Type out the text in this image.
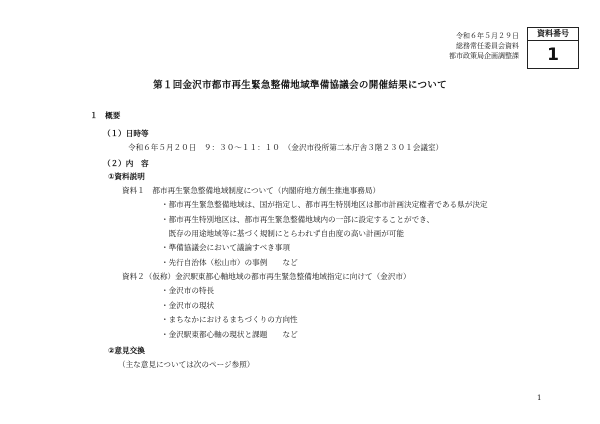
令和６年５月２９日
総務常任委員会資料
都市政策局企画調整課
資料番号
1
第１回金沢市都市再生緊急整備地域準備協議会の開催結果について
１　概要
（１）日時等
令和６年５月２０日　９：３０～１１：１０　（金沢市役所第二本庁舎３階２３０１会議室）
（２）内　容
①資料説明
資料１　都市再生緊急整備地域制度について（内閣府地方創生推進事務局）
・都市再生緊急整備地域は、国が指定し、都市再生特別地区は都市計画決定権者である県が決定
・都市再生特別地区は、都市再生緊急整備地域内の一部に設定することができ、
　既存の用途地域等に基づく規制にとらわれず自由度の高い計画が可能
・準備協議会において議論すべき事項
・先行自治体（松山市）の事例　　など
資料２（仮称）金沢駅東都心軸地域の都市再生緊急整備地域指定に向けて（金沢市）
・金沢市の特長
・金沢市の現状
・まちなかにおけるまちづくりの方向性
・金沢駅東都心軸の現状と課題　　など
②意見交換
（主な意見については次のページ参照）
1
